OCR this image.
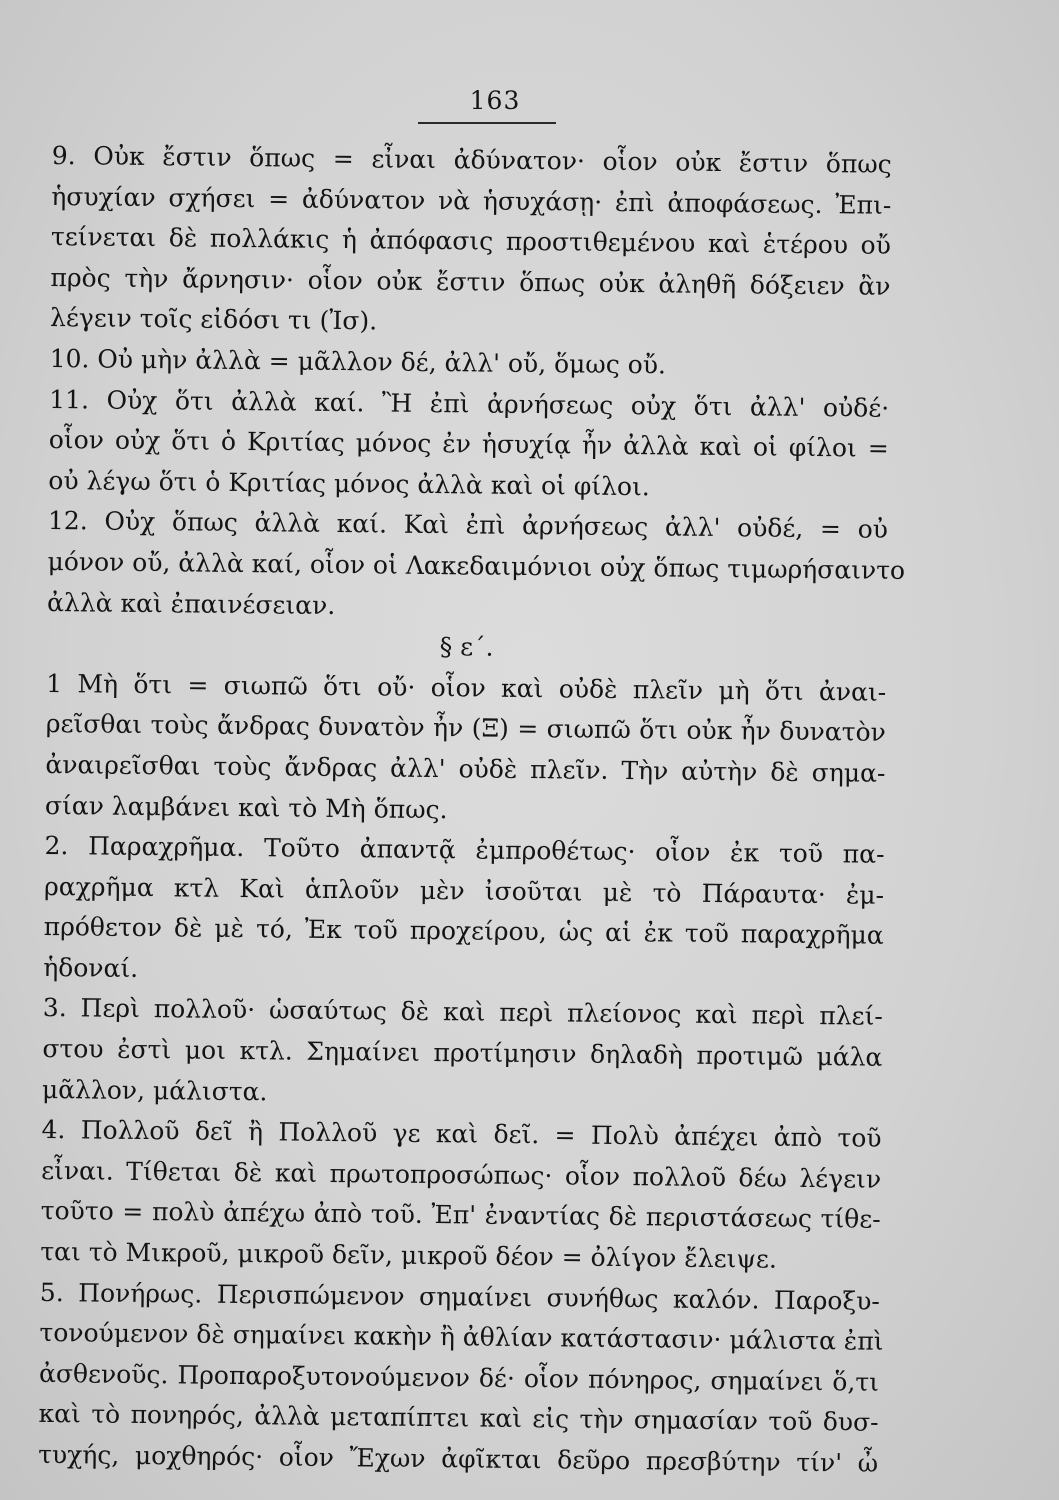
163
9. Οὐκ ἔστιν ὅπως = εἶναι ἀδύνατον· οἷον οὐκ ἔστιν ὅπως
ἡσυχίαν σχήσει = ἀδύνατον νὰ ἡσυχάσῃ· ἐπὶ ἀποφάσεως. Ἐπι-
τείνεται δὲ πολλάκις ἡ ἀπόφασις προστιθεμένου καὶ ἑτέρου οὔ
πρὸς τὴν ἄρνησιν· οἷον οὐκ ἔστιν ὅπως οὐκ ἀληθῆ δόξειεν ἂν
λέγειν τοῖς εἰδόσι τι (Ἰσ).
10. Οὐ μὴν ἀλλὰ = μᾶλλον δέ, ἀλλ' οὔ, ὅμως οὔ.
11. Οὐχ ὅτι ἀλλὰ καί. Ἢ ἐπὶ ἀρνήσεως οὐχ ὅτι ἀλλ' οὐδέ·
οἷον οὐχ ὅτι ὁ Κριτίας μόνος ἐν ἡσυχίᾳ ἦν ἀλλὰ καὶ οἱ φίλοι =
οὐ λέγω ὅτι ὁ Κριτίας μόνος ἀλλὰ καὶ οἱ φίλοι.
12. Οὐχ ὅπως ἀλλὰ καί. Καὶ ἐπὶ ἀρνήσεως ἀλλ' οὐδέ, = οὐ
μόνον οὔ, ἀλλὰ καί, οἷον οἱ Λακεδαιμόνιοι οὐχ ὅπως τιμωρήσαιντο
ἀλλὰ καὶ ἐπαινέσειαν.
§ ε΄.
1 Μὴ ὅτι = σιωπῶ ὅτι οὔ· οἷον καὶ οὐδὲ πλεῖν μὴ ὅτι ἀναι-
ρεῖσθαι τοὺς ἄνδρας δυνατὸν ἦν (Ξ) = σιωπῶ ὅτι οὐκ ἦν δυνατὸν
ἀναιρεῖσθαι τοὺς ἄνδρας ἀλλ' οὐδὲ πλεῖν. Τὴν αὐτὴν δὲ σημα-
σίαν λαμβάνει καὶ τὸ Μὴ ὅπως.
2. Παραχρῆμα. Τοῦτο ἀπαντᾷ ἐμπροθέτως· οἷον ἐκ τοῦ πα-
ραχρῆμα κτλ Καὶ ἁπλοῦν μὲν ἰσοῦται μὲ τὸ Πάραυτα· ἐμ-
πρόθετον δὲ μὲ τό, Ἐκ τοῦ προχείρου, ὡς αἱ ἐκ τοῦ παραχρῆμα
ἡδοναί.
3. Περὶ πολλοῦ· ὡσαύτως δὲ καὶ περὶ πλείονος καὶ περὶ πλεί-
στου ἐστὶ μοι κτλ. Σημαίνει προτίμησιν δηλαδὴ προτιμῶ μάλα
μᾶλλον, μάλιστα.
4. Πολλοῦ δεῖ ἢ Πολλοῦ γε καὶ δεῖ. = Πολὺ ἀπέχει ἀπὸ τοῦ
εἶναι. Τίθεται δὲ καὶ πρωτοπροσώπως· οἷον πολλοῦ δέω λέγειν
τοῦτο = πολὺ ἀπέχω ἀπὸ τοῦ. Ἐπ' ἐναντίας δὲ περιστάσεως τίθε-
ται τὸ Μικροῦ, μικροῦ δεῖν, μικροῦ δέον = ὀλίγον ἔλειψε.
5. Πονήρως. Περισπώμενον σημαίνει συνήθως καλόν. Παροξυ-
τονούμενον δὲ σημαίνει κακὴν ἢ ἀθλίαν κατάστασιν· μάλιστα ἐπὶ
ἀσθενοῦς. Προπαροξυτονούμενον δέ· οἷον πόνηρος, σημαίνει ὅ,τι
καὶ τὸ πονηρός, ἀλλὰ μεταπίπτει καὶ εἰς τὴν σημασίαν τοῦ δυσ-
τυχής, μοχθηρός· οἷον Ἔχων ἀφῖκται δεῦρο πρεσβύτην τίν' ὦ
